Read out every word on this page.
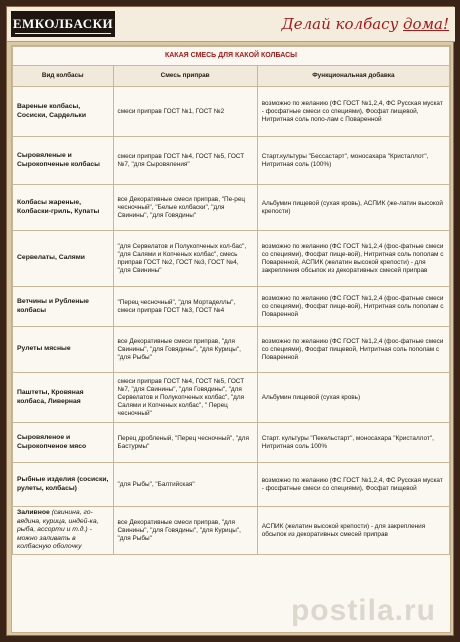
ЕМКОЛБАСКИ	Делай колбасу дома!
КАКАЯ СМЕСЬ ДЛЯ КАКОЙ КОЛБАСЫ		
Вид колбасы	Смесь приправ	Функциональная добавка
Вареные колбасы, Сосиски, Сардельки	смеси приправ ГОСТ №1, ГОСТ №2	возможно по желанию (ФС ГОСТ №1,2,4, ФС Русская мускат - фосфатные смеси со специями), Фосфат пищевой, Нитритная соль попо-лам с Поваренной
Сыровяленые и Сырокопченые колбасы	смеси приправ ГОСТ №4, ГОСТ №5, ГОСТ №7, "для Сыровяления"	Старт.культуры "Бессастарт", моносахара "Кристаллот", Нитритная соль (100%)
Колбасы жареные, Колбаски-гриль, Купаты	все Декоративные смеси приправ, "Пе-рец чесночный", "Белые колбаски", "для Свинины", "для Говядины"	Альбумин пищевой (сухая кровь), АСПИК (же-латин высокой крепости)
Сервелаты, Салями	"для Сервелатов и Полукопченых кол-бас", "для Салями и Копченых колбас", смесь приправ ГОСТ №2, ГОСТ №3, ГОСТ №4, "для Свинины"	возможно по желанию (ФС ГОСТ №1,2,4 (фос-фатные смеси со специями), Фосфат пище-вой), Нитритная соль пополам с Поваренной, АСПИК (желатин высокой крепости) - для закрепления обсыпок из декоративных смесей приправ
Ветчины и Рубленые колбасы	"Перец чесночный", "для Мортаделлы", смеси приправ ГОСТ №3, ГОСТ №4	возможно по желанию (ФС ГОСТ №1,2,4 (фос-фатные смеси со специями), Фосфат пище-вой), Нитритная соль пополам с Поваренной
Рулеты мясные	все Декоративные смеси приправ, "для Свинины", "для Говядины", "для Курицы", "для Рыбы"	возможно по желанию (ФС ГОСТ №1,2,4 (фос-фатные смеси со специями), Фосфат пищевой, Нитритная соль пополам с Поваренной
Паштеты, Кровяная колбаса, Ливерная	смеси приправ ГОСТ №4, ГОСТ №5, ГОСТ №7, "для Свинины", "для Говядины", "для Сервелатов и Полукопченых колбас", "для Салями и Копченых колбас", " Перец чесночный"	Альбумин пищевой (сухая кровь)
Сыровяленое и Сырокопченое мясо	Перец дробленый, "Перец чесночный", "для Бастурмы"	Старт. культуры "Пекельстарт", моносахара "Кристаллот", Нитритная соль 100%
Рыбные изделия (сосиски, рулеты, колбасы)	"для Рыбы", "Балтийская"	возможно по желанию (ФС ГОСТ №1,2,4, ФС Русская мускат - фосфатные смеси со специями), Фосфат пищевой
Заливное (свинина, го-вядина, курица, индей-ка, рыба, ассорти и т.д.) - можно заливать в колбасную оболочку	все Декоративные смеси приправ, "для Свинины", "для Говядины", "для Курицы", "для Рыбы"	АСПИК (желатин высокой крепости) - для закрепления обсыпок из декоративных смесей приправ
postila.ru
